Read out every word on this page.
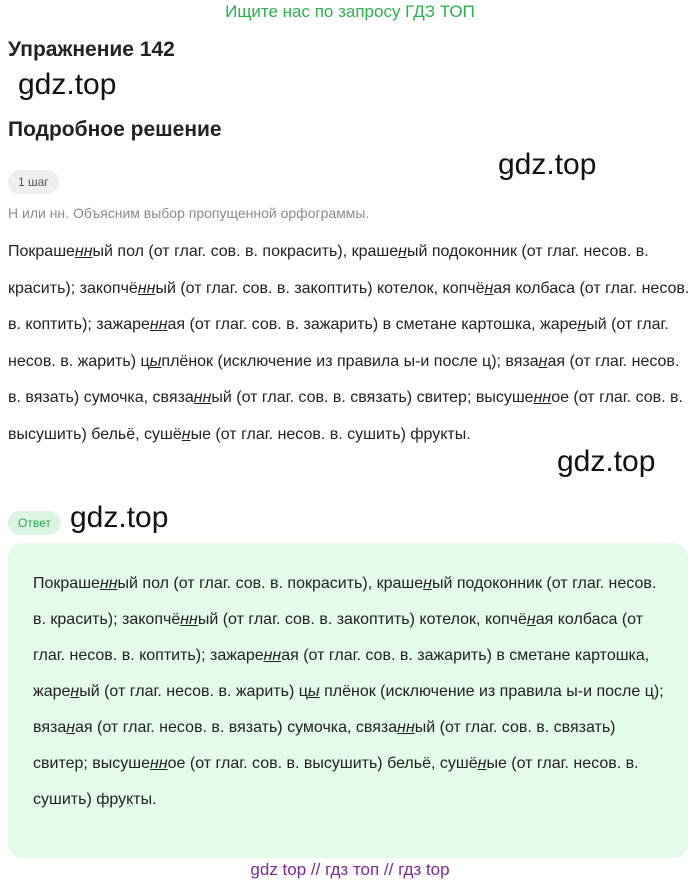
Ищите нас по запросу ГДЗ ТОП
Упражнение 142
gdz.top
gdz.top
gdz.top
gdz.top
Подробное решение
1 шаг
Н или нн. Объясним выбор пропущенной орфограммы.
Покрашенный пол (от глаг. сов. в. покрасить), крашеный подоконник (от глаг. несов. в. красить); закопчённый (от глаг. сов. в. закоптить) котелок, копчёная колбаса (от глаг. несов. в. коптить); зажаренная (от глаг. сов. в. зажарить) в сметане картошка, жареный (от глаг. несов. в. жарить) цыплёнок (исключение из правила ы-и после ц); вязаная (от глаг. несов. в. вязать) сумочка, связанный (от глаг. сов. в. связать) свитер; высушенное (от глаг. сов. в. высушить) бельё, сушёные (от глаг. несов. в. сушить) фрукты.
Ответ
Покрашенный пол (от глаг. сов. в. покрасить), крашеный подоконник (от глаг. несов. в. красить); закопчённый (от глаг. сов. в. закоптить) котелок, копчёная колбаса (от глаг. несов. в. коптить); зажаренная (от глаг. сов. в. зажарить) в сметане картошка, жареный (от глаг. несов. в. жарить) цы плёнок (исключение из правила ы-и после ц); вязаная (от глаг. несов. в. вязать) сумочка, связанный (от глаг. сов. в. связать) свитер; высушенное (от глаг. сов. в. высушить) бельё, сушёные (от глаг. несов. в. сушить) фрукты.
gdz top // гдз топ // гдз top
